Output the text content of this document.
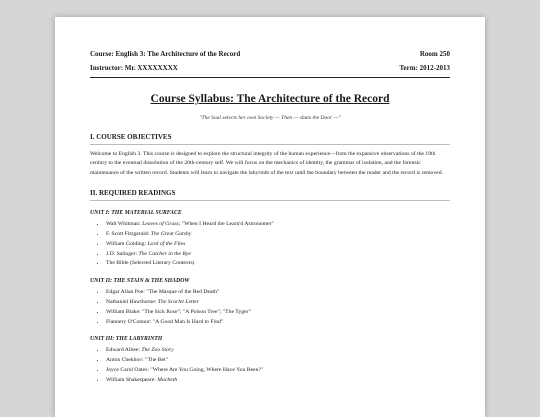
Course: English 3: The Architecture of the Record	Room 250
Instructor: Mr. XXXXXXXX	Term: 2012-2013
Course Syllabus: The Architecture of the Record
"The Soul selects her own Society — Then — shuts the Door —"
I. COURSE OBJECTIVES
Welcome to English 3. This course is designed to explore the structural integrity of the human experience—from the expansive observations of the 19th century to the eventual dissolution of the 20th-century self. We will focus on the mechanics of identity, the grammar of isolation, and the forensic maintenance of the written record. Students will learn to navigate the labyrinth of the text until the boundary between the reader and the record is removed.
II. REQUIRED READINGS
UNIT I: THE MATERIAL SURFACE
• Walt Whitman: Leaves of Grass; "When I Heard the Learn'd Astronomer"
• F. Scott Fitzgerald: The Great Gatsby
• William Golding: Lord of the Flies
• J.D. Salinger: The Catcher in the Rye
• The Bible (Selected Literary Contexts)
UNIT II: THE STAIN & THE SHADOW
• Edgar Allan Poe: "The Masque of the Red Death"
• Nathaniel Hawthorne: The Scarlet Letter
• William Blake: "The Sick Rose"; "A Poison Tree"; "The Tyger"
• Flannery O'Connor: "A Good Man Is Hard to Find"
UNIT III: THE LABYRINTH
• Edward Albee: The Zoo Story
• Anton Chekhov: "The Bet"
• Joyce Carol Oates: "Where Are You Going, Where Have You Been?"
• William Shakespeare: Macbeth
